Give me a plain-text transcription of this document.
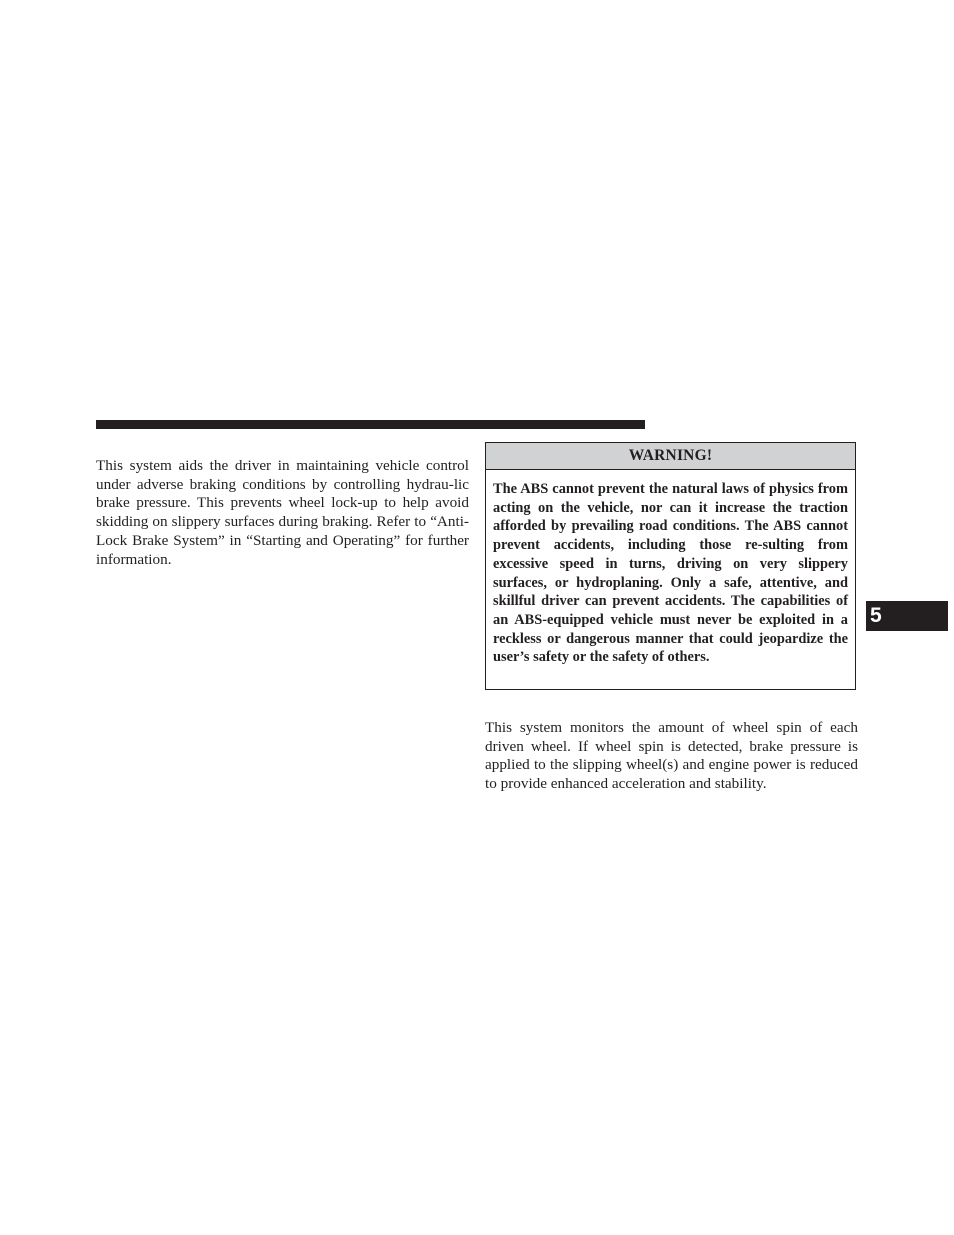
This system aids the driver in maintaining vehicle control under adverse braking conditions by controlling hydrau-lic brake pressure. This prevents wheel lock-up to help avoid skidding on slippery surfaces during braking. Refer to “Anti-Lock Brake System” in “Starting and Operating” for further information.
WARNING!
The ABS cannot prevent the natural laws of physics from acting on the vehicle, nor can it increase the traction afforded by prevailing road conditions. The ABS cannot prevent accidents, including those re-sulting from excessive speed in turns, driving on very slippery surfaces, or hydroplaning. Only a safe, attentive, and skillful driver can prevent accidents. The capabilities of an ABS-equipped vehicle must never be exploited in a reckless or dangerous manner that could jeopardize the user’s safety or the safety of others.
This system monitors the amount of wheel spin of each driven wheel. If wheel spin is detected, brake pressure is applied to the slipping wheel(s) and engine power is reduced to provide enhanced acceleration and stability.
5
